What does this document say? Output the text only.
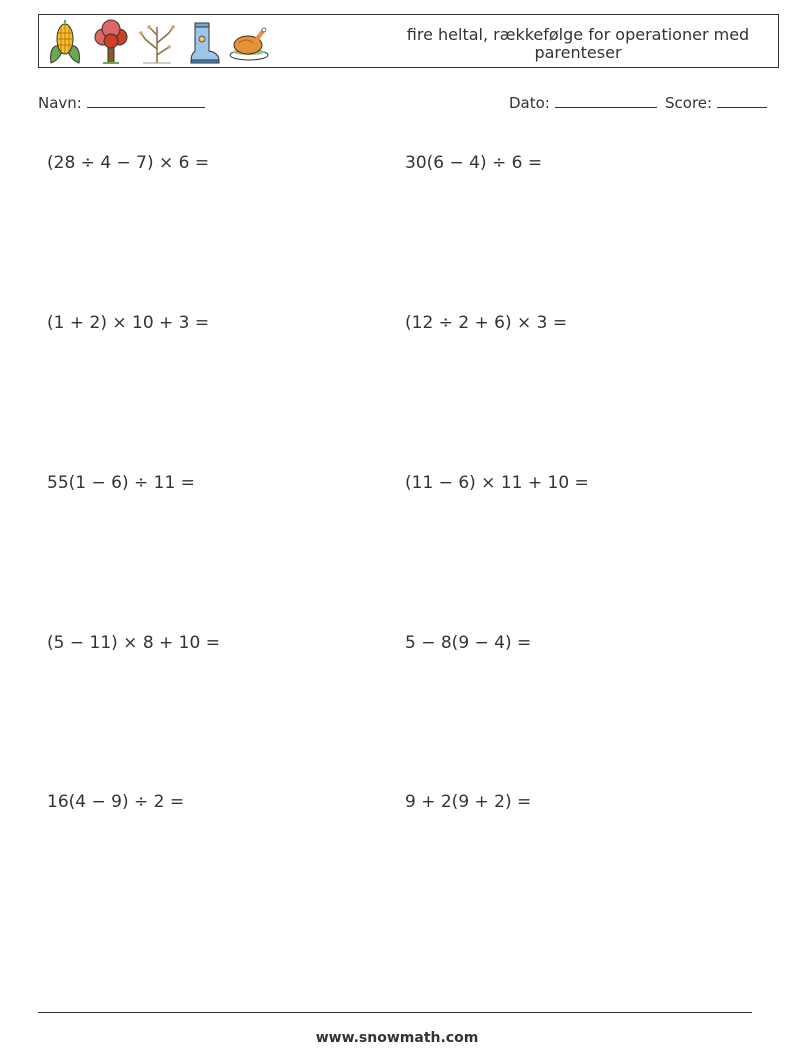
fire heltal, rækkefølge for operationer med parenteser
Navn:	Dato:	Score:
(28 ÷ 4 − 7) × 6 =	30(6 − 4) ÷ 6 =
(1 + 2) × 10 + 3 =	(12 ÷ 2 + 6) × 3 =
55(1 − 6) ÷ 11 =	(11 − 6) × 11 + 10 =
(5 − 11) × 8 + 10 =	5 − 8(9 − 4) =
16(4 − 9) ÷ 2 =	9 + 2(9 + 2) =
www.snowmath.com
